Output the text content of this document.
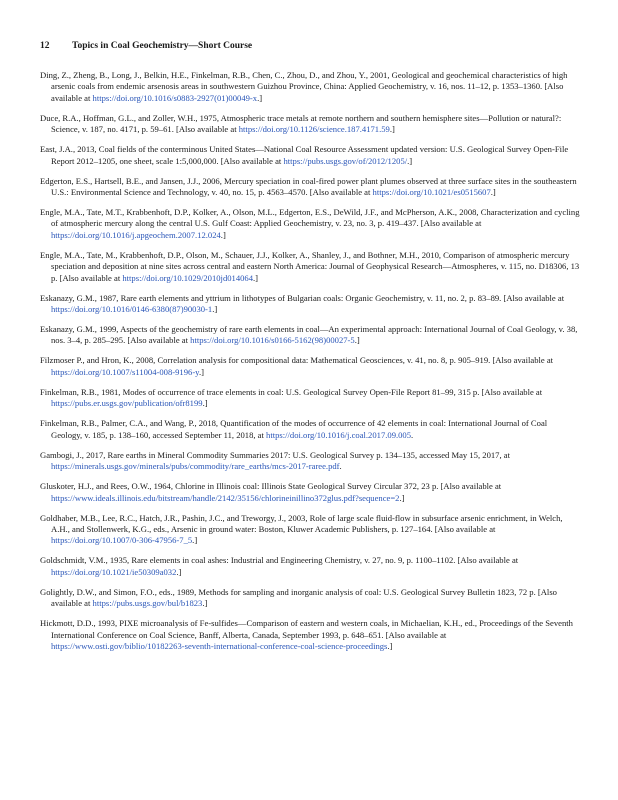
12 Topics in Coal Geochemistry—Short Course

Ding, Z., Zheng, B., Long, J., Belkin, H.E., Finkelman, R.B., Chen, C., Zhou, D., and Zhou, Y., 2001, Geological and geochemical characteristics of high arsenic coals from endemic arsenosis areas in southwestern Guizhou Province, China: Applied Geochemistry, v. 16, nos. 11–12, p. 1353–1360. [Also available at https://doi.org/10.1016/s0883-2927(01)00049-x.]

Duce, R.A., Hoffman, G.L., and Zoller, W.H., 1975, Atmospheric trace metals at remote northern and southern hemisphere sites—Pollution or natural?: Science, v. 187, no. 4171, p. 59–61. [Also available at https://doi.org/10.1126/science.187.4171.59.]

East, J.A., 2013, Coal fields of the conterminous United States—National Coal Resource Assessment updated version: U.S. Geological Survey Open-File Report 2012–1205, one sheet, scale 1:5,000,000. [Also available at https://pubs.usgs.gov/of/2012/1205/.]

Edgerton, E.S., Hartsell, B.E., and Jansen, J.J., 2006, Mercury speciation in coal-fired power plant plumes observed at three surface sites in the southeastern U.S.: Environmental Science and Technology, v. 40, no. 15, p. 4563–4570. [Also available at https://doi.org/10.1021/es0515607.]

Engle, M.A., Tate, M.T., Krabbenhoft, D.P., Kolker, A., Olson, M.L., Edgerton, E.S., DeWild, J.F., and McPherson, A.K., 2008, Characterization and cycling of atmospheric mercury along the central U.S. Gulf Coast: Applied Geochemistry, v. 23, no. 3, p. 419–437. [Also available at https://doi.org/10.1016/j.apgeochem.2007.12.024.]

Engle, M.A., Tate, M., Krabbenhoft, D.P., Olson, M., Schauer, J.J., Kolker, A., Shanley, J., and Bothner, M.H., 2010, Comparison of atmospheric mercury speciation and deposition at nine sites across central and eastern North America: Journal of Geophysical Research—Atmospheres, v. 115, no. D18306, 13 p. [Also available at https://doi.org/10.1029/2010jd014064.]

Eskanazy, G.M., 1987, Rare earth elements and yttrium in lithotypes of Bulgarian coals: Organic Geochemistry, v. 11, no. 2, p. 83–89. [Also available at https://doi.org/10.1016/0146-6380(87)90030-1.]

Eskanazy, G.M., 1999, Aspects of the geochemistry of rare earth elements in coal—An experimental approach: International Journal of Coal Geology, v. 38, nos. 3–4, p. 285–295. [Also available at https://doi.org/10.1016/s0166-5162(98)00027-5.]

Filzmoser P., and Hron, K., 2008, Correlation analysis for compositional data: Mathematical Geosciences, v. 41, no. 8, p. 905–919. [Also available at https://doi.org/10.1007/s11004-008-9196-y.]

Finkelman, R.B., 1981, Modes of occurrence of trace elements in coal: U.S. Geological Survey Open-File Report 81–99, 315 p. [Also available at https://pubs.er.usgs.gov/publication/ofr8199.]

Finkelman, R.B., Palmer, C.A., and Wang, P., 2018, Quantification of the modes of occurrence of 42 elements in coal: International Journal of Coal Geology, v. 185, p. 138–160, accessed September 11, 2018, at https://doi.org/10.1016/j.coal.2017.09.005.

Gambogi, J., 2017, Rare earths in Mineral Commodity Summaries 2017: U.S. Geological Survey p. 134–135, accessed May 15, 2017, at https://minerals.usgs.gov/minerals/pubs/commodity/rare_earths/mcs-2017-raree.pdf.

Gluskoter, H.J., and Rees, O.W., 1964, Chlorine in Illinois coal: Illinois State Geological Survey Circular 372, 23 p. [Also available at https://www.ideals.illinois.edu/bitstream/handle/2142/35156/chlorineinillino372glus.pdf?sequence=2.]

Goldhaber, M.B., Lee, R.C., Hatch, J.R., Pashin, J.C., and Treworgy, J., 2003, Role of large scale fluid-flow in subsurface arsenic enrichment, in Welch, A.H., and Stollenwerk, K.G., eds., Arsenic in ground water: Boston, Kluwer Academic Publishers, p. 127–164. [Also available at https://doi.org/10.1007/0-306-47956-7_5.]

Goldschmidt, V.M., 1935, Rare elements in coal ashes: Industrial and Engineering Chemistry, v. 27, no. 9, p. 1100–1102. [Also available at https://doi.org/10.1021/ie50309a032.]

Golightly, D.W., and Simon, F.O., eds., 1989, Methods for sampling and inorganic analysis of coal: U.S. Geological Survey Bulletin 1823, 72 p. [Also available at https://pubs.usgs.gov/bul/b1823.]

Hickmott, D.D., 1993, PIXE microanalysis of Fe-sulfides—Comparison of eastern and western coals, in Michaelian, K.H., ed., Proceedings of the Seventh International Conference on Coal Science, Banff, Alberta, Canada, September 1993, p. 648–651. [Also available at https://www.osti.gov/biblio/10182263-seventh-international-conference-coal-science-proceedings.]
